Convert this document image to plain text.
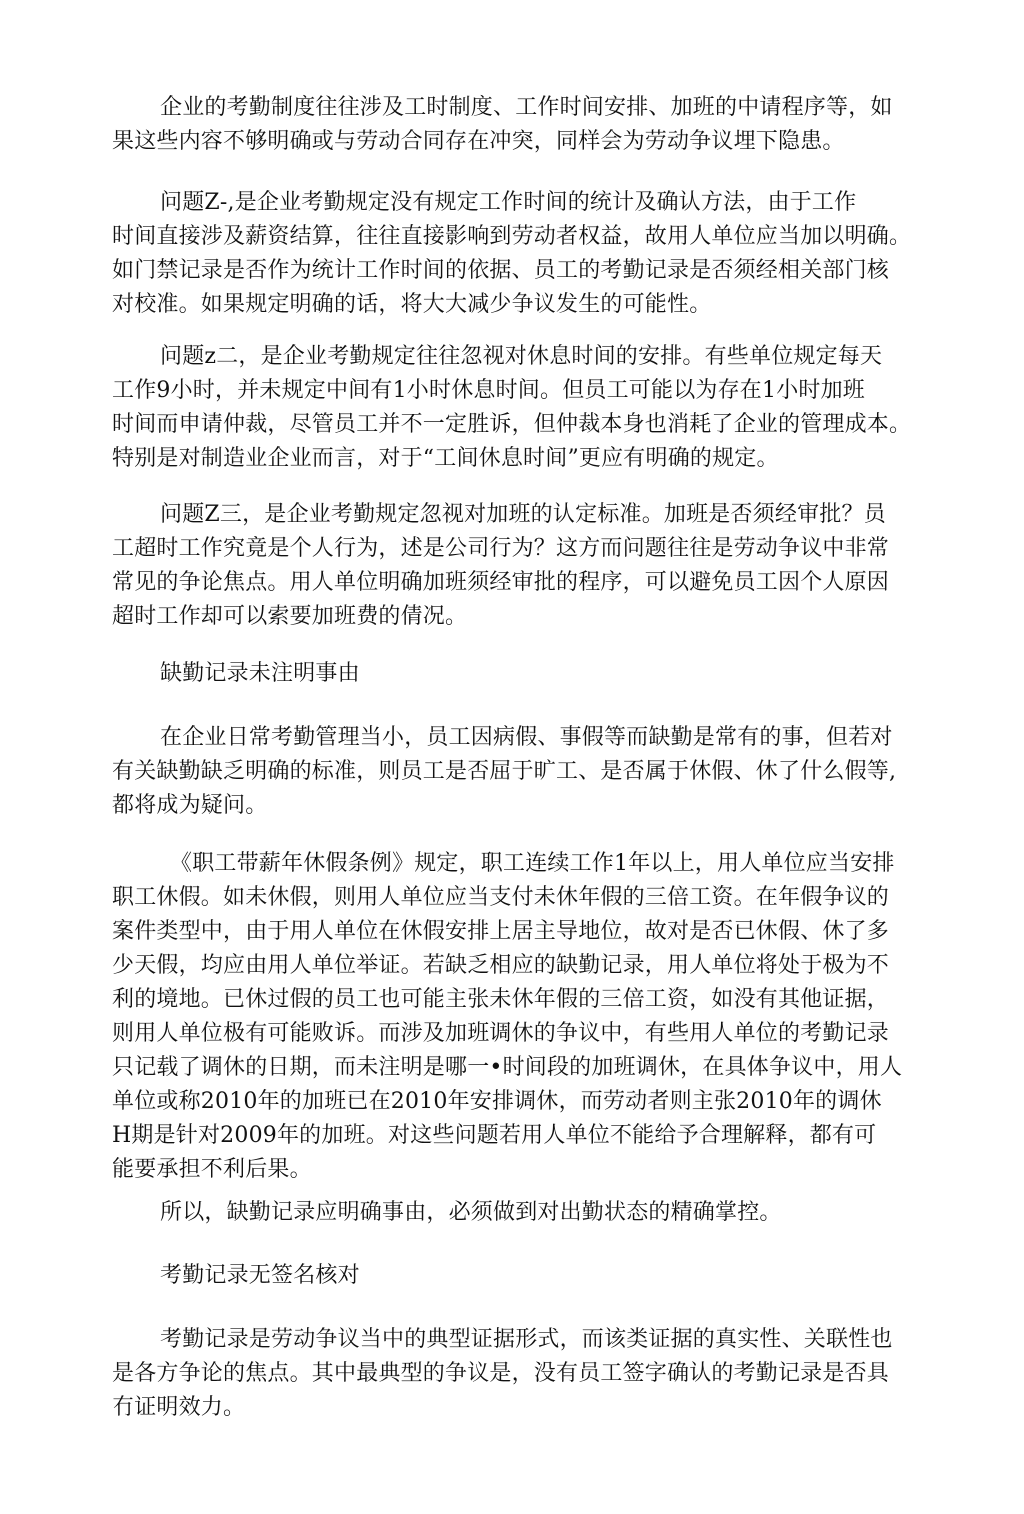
企业的考勤制度往往涉及工时制度、工作时间安排、加班的中请程序等，如
果这些内容不够明确或与劳动合同存在冲突，同样会为劳动争议埋下隐患。
问题Z-,是企业考勤规定没有规定工作时间的统计及确认方法，由于工作
时间直接涉及薪资结算，往往直接影响到劳动者权益，故用人单位应当加以明确。
如门禁记录是否作为统计工作时间的依据、员工的考勤记录是否须经相关部门核
对校准。如果规定明确的话，将大大减少争议发生的可能性。
问题z二，是企业考勤规定往往忽视对休息时间的安排。有些单位规定每天
工作9小时，并未规定中间有1小时休息时间。但员工可能以为存在1小时加班
时间而申请仲裁，尽管员工并不一定胜诉，但仲裁本身也消耗了企业的管理成本。
特别是对制造业企业而言，对于“工间休息时间”更应有明确的规定。
问题Z三，是企业考勤规定忽视对加班的认定标准。加班是否须经审批？员
工超时工作究竟是个人行为，述是公司行为？这方而问题往往是劳动争议中非常
常见的争论焦点。用人单位明确加班须经审批的程序，可以避免员工因个人原因
超时工作却可以索要加班费的倩况。
缺勤记录未注明事由
在企业日常考勤管理当小，员工因病假、事假等而缺勤是常有的事，但若对
有关缺勤缺乏明确的标准，则员工是否屈于旷工、是否属于休假、休了什么假等,
都将成为疑问。
《职工带薪年休假条例》规定，职工连续工作1年以上，用人单位应当安排
职工休假。如未休假，则用人单位应当支付未休年假的三倍工资。在年假争议的
案件类型中，由于用人单位在休假安排上居主导地位，故对是否已休假、休了多
少天假，均应由用人单位举证。若缺乏相应的缺勤记录，用人单位将处于极为不
利的境地。已休过假的员工也可能主张未休年假的三倍工资，如没有其他证据，
则用人单位极有可能败诉。而涉及加班调休的争议中，有些用人单位的考勤记录
只记载了调休的日期，而未注明是哪一•时间段的加班调休，在具体争议中，用人
单位或称2010年的加班已在2010年安排调休，而劳动者则主张2010年的调休
H期是针对2009年的加班。对这些问题若用人单位不能给予合理解释，都有可
能要承担不利后果。
所以，缺勤记录应明确事由，必须做到对出勤状态的精确掌控。
考勤记录无签名核对
考勤记录是劳动争议当中的典型证据形式，而该类证据的真实性、关联性也
是各方争论的焦点。其中最典型的争议是，没有员工签字确认的考勤记录是否具
冇证明效力。
